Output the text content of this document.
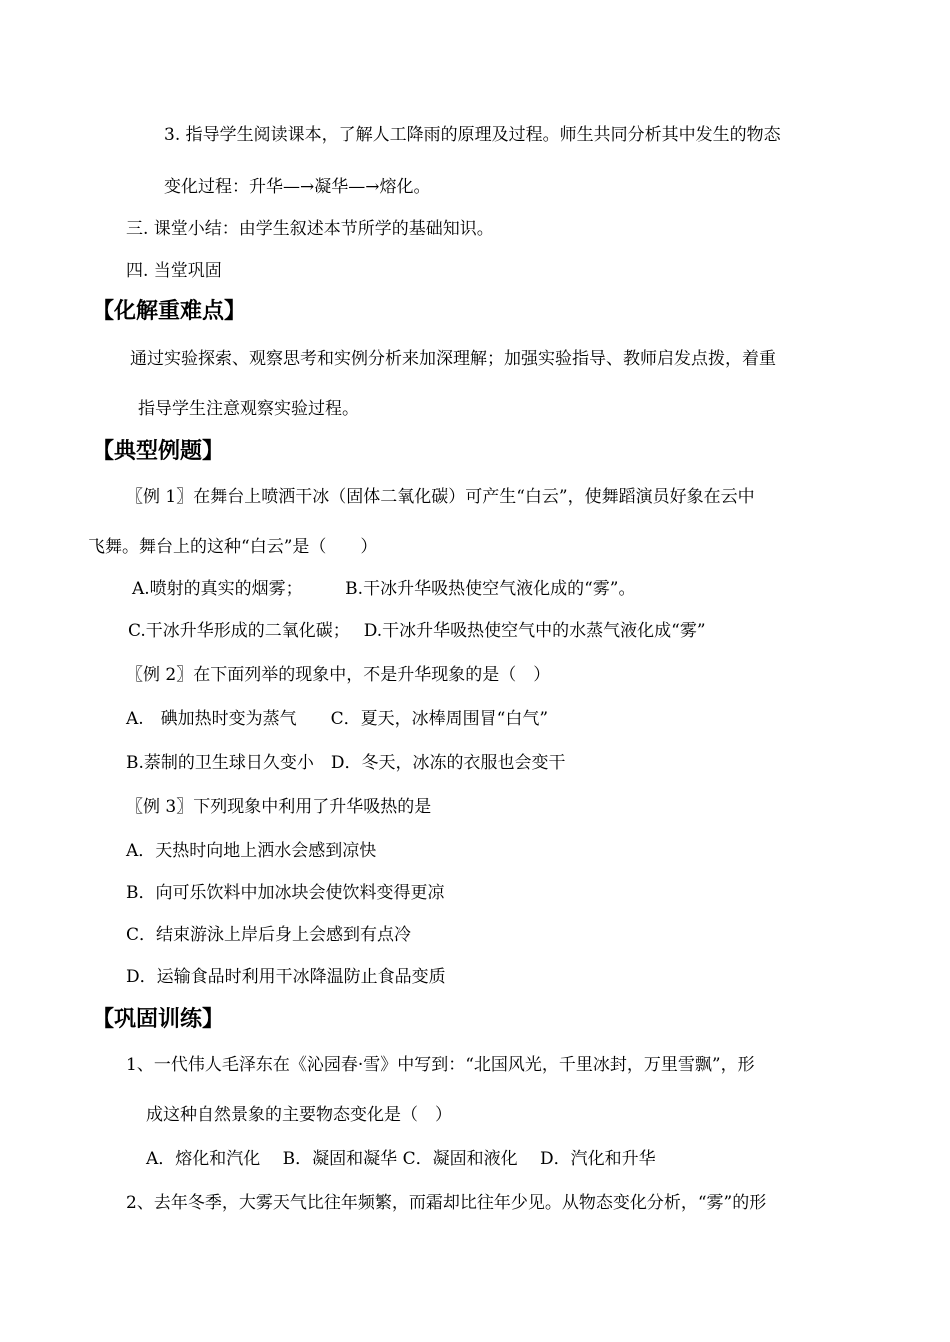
3. 指导学生阅读课本，了解人工降雨的原理及过程。师生共同分析其中发生的物态
变化过程：升华—→凝华—→熔化。
三. 课堂小结：由学生叙述本节所学的基础知识。
四. 当堂巩固
【化解重难点】
通过实验探索、观察思考和实例分析来加深理解；加强实验指导、教师启发点拨，着重
指导学生注意观察实验过程。
【典型例题】
〖例 1〗在舞台上喷洒干冰（固体二氧化碳）可产生“白云”，使舞蹈演员好象在云中
飞舞。舞台上的这种“白云”是（　　）
A.喷射的真实的烟雾；　　　B.干冰升华吸热使空气液化成的“雾”。
C.干冰升华形成的二氧化碳；　 D.干冰升华吸热使空气中的水蒸气液化成“雾”
〖例 2〗在下面列举的现象中，不是升华现象的是（　）
A.　碘加热时变为蒸气　　C．夏天，冰棒周围冒“白气”
B.萘制的卫生球日久变小　D．冬天，冰冻的衣服也会变干
〖例 3〗下列现象中利用了升华吸热的是
A．天热时向地上洒水会感到凉快
B．向可乐饮料中加冰块会使饮料变得更凉
C．结束游泳上岸后身上会感到有点冷
D．运输食品时利用干冰降温防止食品变质
【巩固训练】
1、一代伟人毛泽东在《沁园春·雪》中写到：“北国风光，千里冰封，万里雪飘”，形
成这种自然景象的主要物态变化是（　）
A．熔化和汽化　 B．凝固和凝华 C．凝固和液化　 D．汽化和升华
2、去年冬季，大雾天气比往年频繁，而霜却比往年少见。从物态变化分析，“雾”的形
